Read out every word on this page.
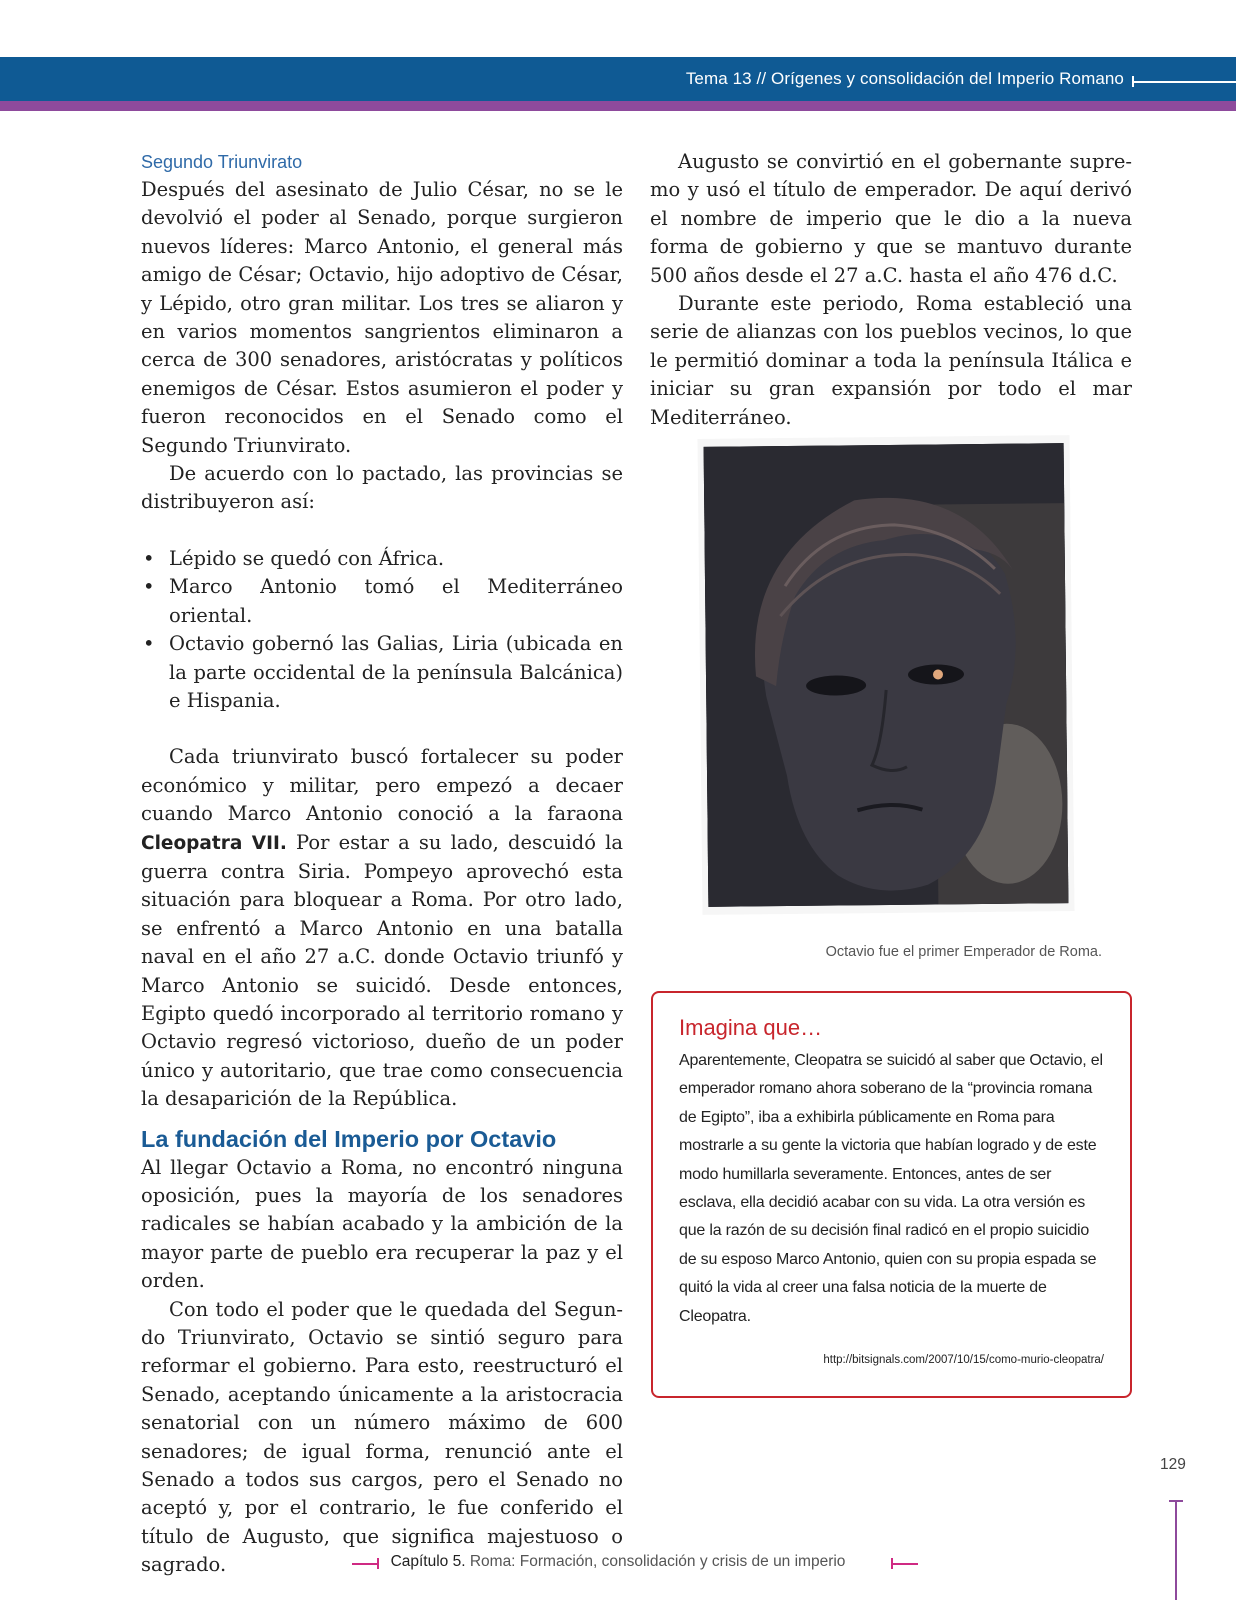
Tema 13 // Orígenes y consolidación del Imperio Romano
Segundo Triunvirato

Después del asesinato de Julio César, no se le devolvió el poder al Senado, porque surgieron nuevos líderes: Marco Antonio, el general más amigo de César; Octavio, hijo adoptivo de César, y Lépido, otro gran militar. Los tres se aliaron y en varios momentos sangrientos eliminaron a cerca de 300 senadores, aristócratas y políticos enemigos de César. Estos asumieron el poder y fueron reconocidos en el Senado como el Segundo Triunvirato.

De acuerdo con lo pactado, las provincias se distribuyeron así:

• Lépido se quedó con África.
• Marco Antonio tomó el Mediterráneo oriental.
• Octavio gobernó las Galias, Liria (ubicada en la parte occidental de la península Balcánica) e Hispania.

Cada triunvirato buscó fortalecer su poder económico y militar, pero empezó a decaer cuando Marco Antonio conoció a la faraona Cleopatra VII. Por estar a su lado, descuidó la guerra contra Siria. Pompeyo aprovechó esta situación para bloquear a Roma. Por otro lado, se enfrentó a Marco Antonio en una batalla naval en el año 27 a.C. donde Octavio triunfó y Marco Antonio se suicidó. Desde entonces, Egipto quedó incorporado al territorio romano y Octavio regresó victorioso, dueño de un poder único y autoritario, que trae como consecuencia la desaparición de la República.

La fundación del Imperio por Octavio

Al llegar Octavio a Roma, no encontró ninguna oposición, pues la mayoría de los senadores radicales se habían acabado y la ambición de la mayor parte de pueblo era recuperar la paz y el orden.

Con todo el poder que le quedada del Segundo Triunvirato, Octavio se sintió seguro para reformar el gobierno. Para esto, reestructuró el Senado, aceptando únicamente a la aristocracia senatorial con un número máximo de 600 senadores; de igual forma, renunció ante el Senado a todos sus cargos, pero el Senado no aceptó y, por el contrario, le fue conferido el título de Augusto, que significa majestuoso o sagrado.

Augusto se convirtió en el gobernante supremo y usó el título de emperador. De aquí derivó el nombre de imperio que le dio a la nueva forma de gobierno y que se mantuvo durante 500 años desde el 27 a.C. hasta el año 476 d.C.

Durante este periodo, Roma estableció una serie de alianzas con los pueblos vecinos, lo que le permitió dominar a toda la península Itálica e iniciar su gran expansión por todo el mar Mediterráneo.

Octavio fue el primer Emperador de Roma.
Imagina que…
Aparentemente, Cleopatra se suicidó al saber que Octavio, el emperador romano ahora soberano de la “provincia romana de Egipto”, iba a exhibirla públicamente en Roma para mostrarle a su gente la victoria que habían logrado y de este modo humillarla severamente. Entonces, antes de ser esclava, ella decidió acabar con su vida. La otra versión es que la razón de su decisión final radicó en el propio suicidio de su esposo Marco Antonio, quien con su propia espada se quitó la vida al creer una falsa noticia de la muerte de Cleopatra.
http://bitsignals.com/2007/10/15/como-murio-cleopatra/
129
Capítulo 5. Roma: Formación, consolidación y crisis de un imperio
